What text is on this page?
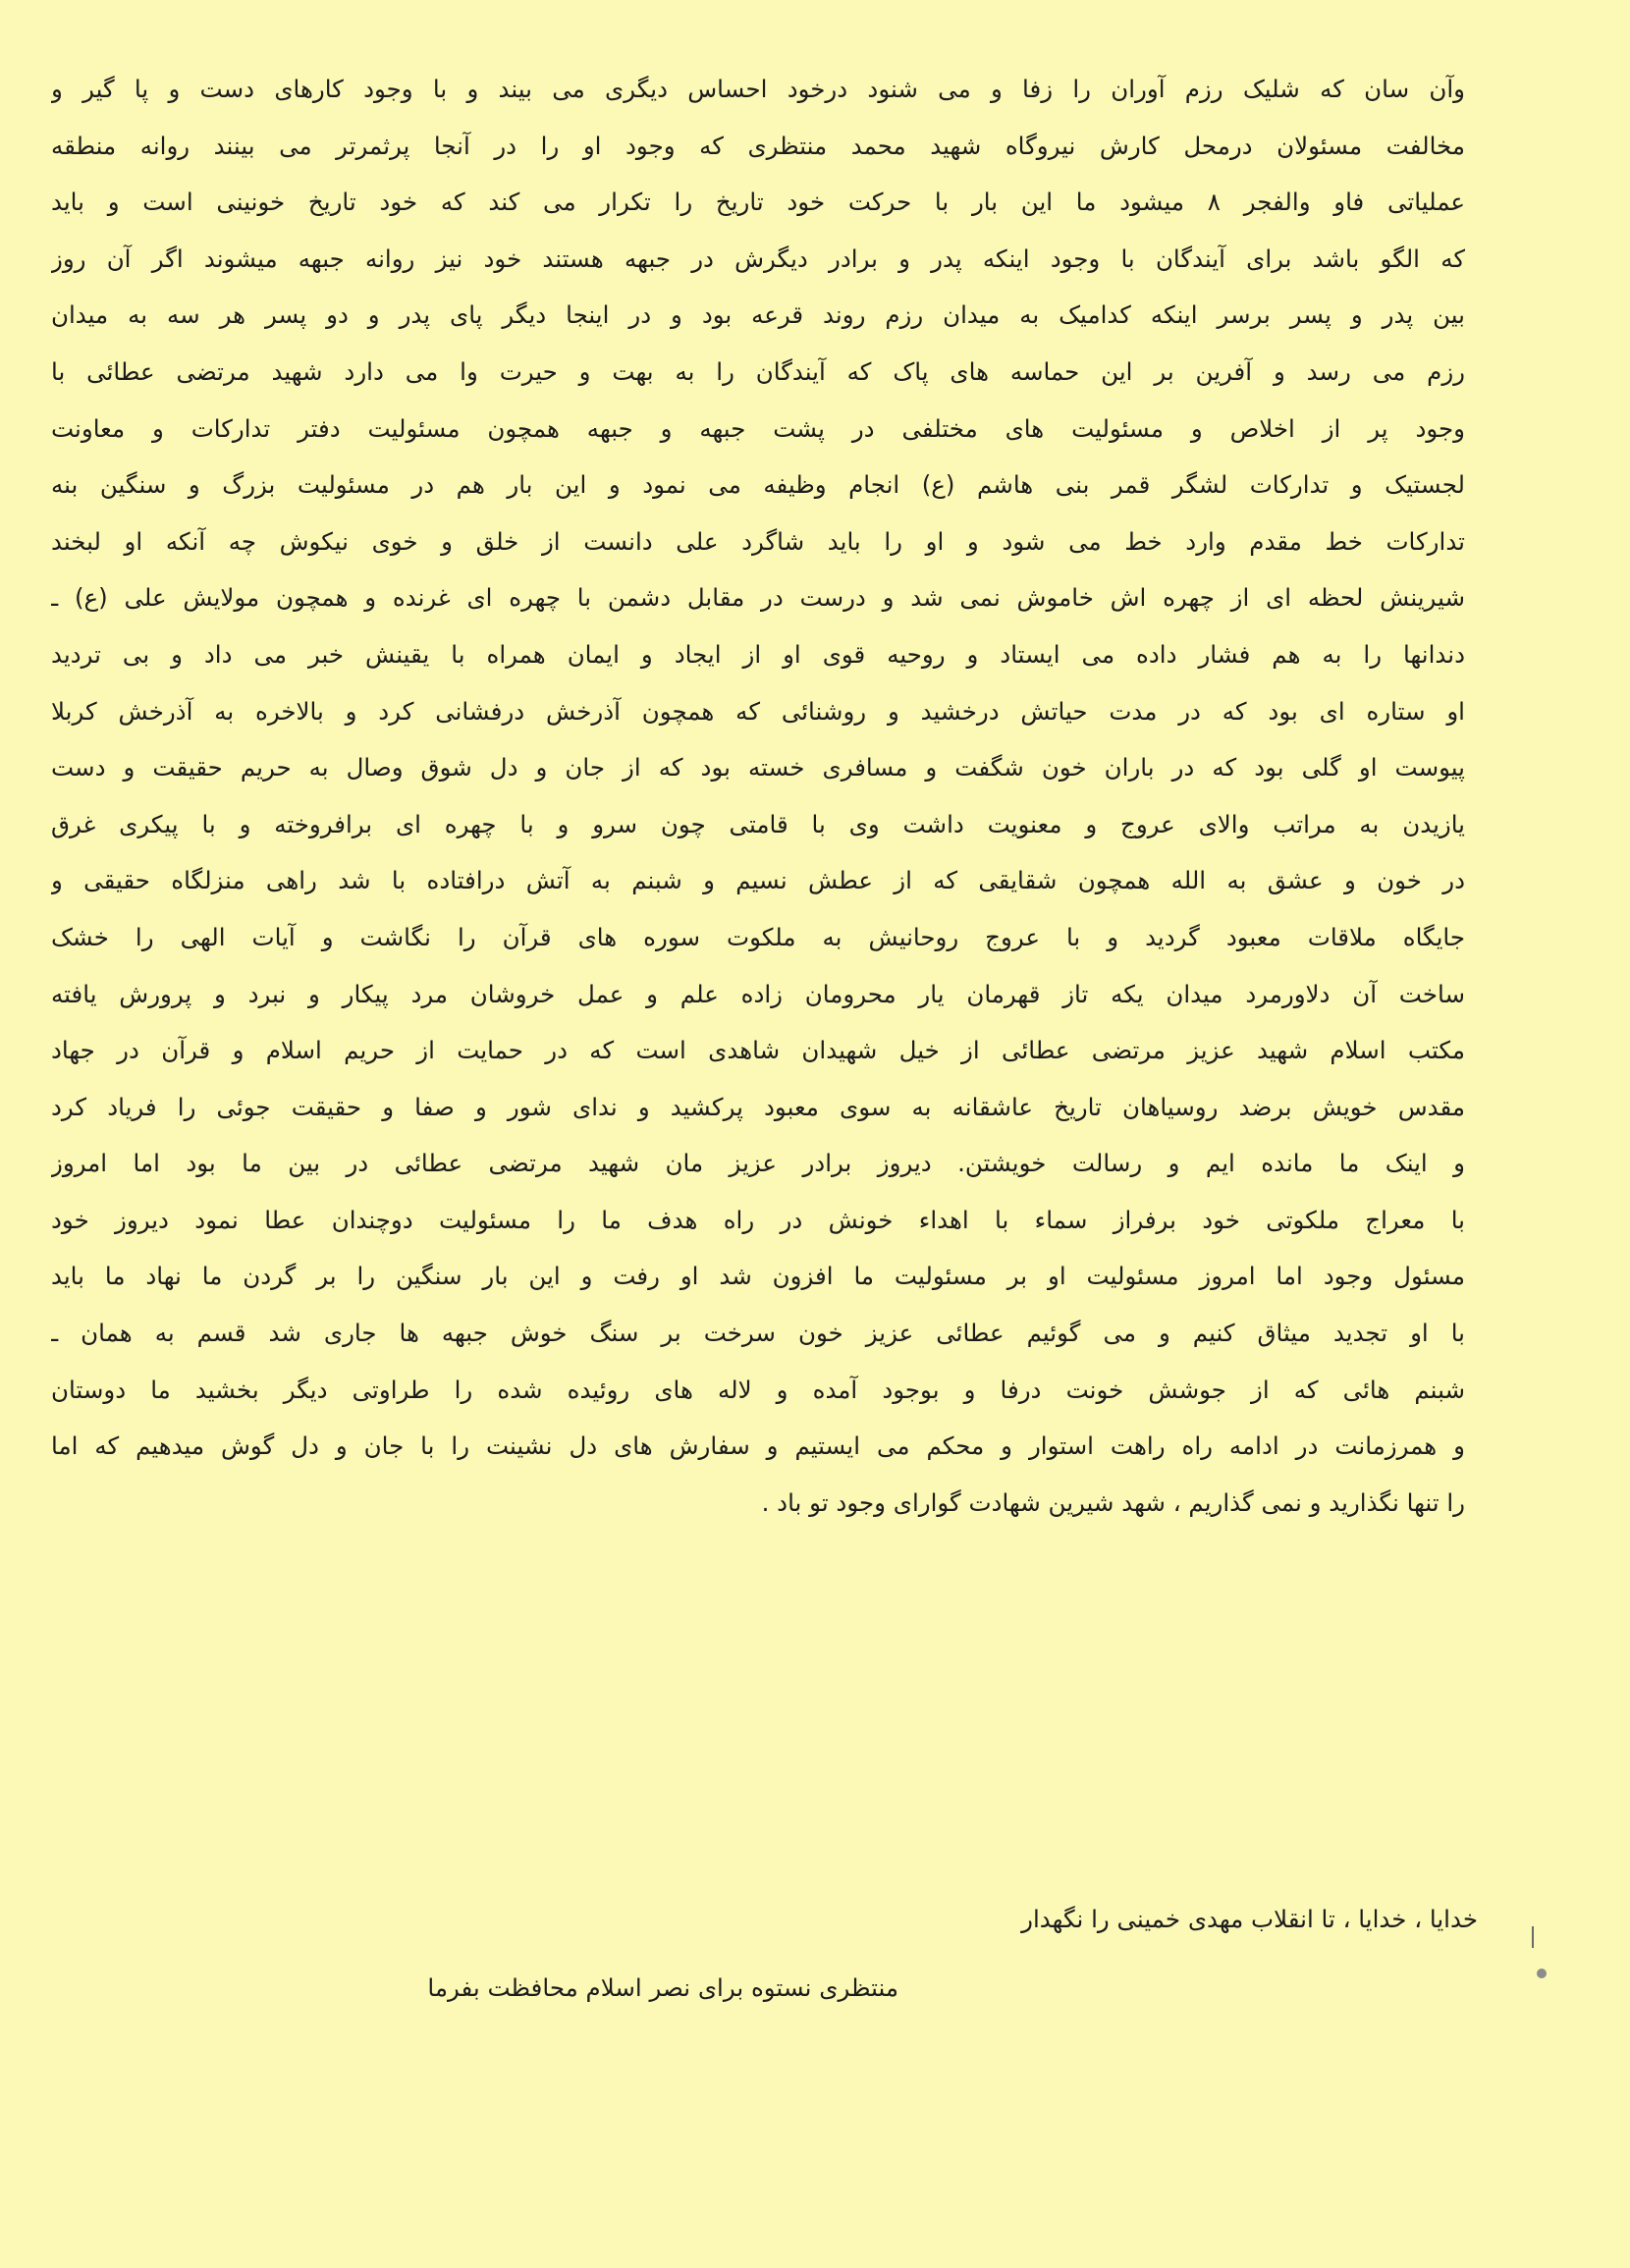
وآن سان که شلیک رزم آوران را زفا و می شنود درخود احساس دیگری می بیند و با وجود کارهای دست و پا گیر و
مخالفت مسئولان درمحل کارش نیروگاه شهید محمد منتظری که وجود او را در آنجا پرثمرتر می بینند روانه منطقه
عملیاتی فاو والفجر ۸ میشود ما این بار با حرکت خود تاریخ را تکرار می کند که خود تاریخ خونینی است و باید
که الگو باشد برای آیندگان با وجود اینکه پدر و برادر دیگرش در جبهه هستند خود نیز روانه جبهه میشوند اگر آن روز
بین پدر و پسر برسر اینکه کدامیک به میدان رزم روند قرعه بود و در اینجا دیگر پای پدر و دو پسر هر سه به میدان
رزم می رسد و آفرین بر این حماسه های پاک که آیندگان را به بهت و حیرت وا می دارد شهید مرتضی عطائی با
وجود پر از اخلاص و مسئولیت های مختلفی در پشت جبهه و جبهه همچون مسئولیت دفتر تدارکات و معاونت
لجستیک و تدارکات لشگر قمر بنی هاشم (ع) انجام وظیفه می نمود و این بار هم در مسئولیت بزرگ و سنگین بنه
تدارکات خط مقدم وارد خط می شود و او را باید شاگرد علی دانست از خلق و خوی نیکوش چه آنکه او لبخند
شیرینش لحظه ای از چهره اش خاموش نمی شد و درست در مقابل دشمن با چهره ای غرنده و همچون مولایش علی (ع) ـ
دندانها را به هم فشار داده می ایستاد و روحیه قوی او از ایجاد و ایمان همراه با یقینش خبر می داد و بی تردید
او ستاره ای بود که در مدت حیاتش درخشید و روشنائی که همچون آذرخش درفشانی کرد و بالاخره به آذرخش کربلا
پیوست او گلی بود که در باران خون شگفت و مسافری خسته بود که از جان و دل شوق وصال به حریم حقیقت و دست
یازیدن به مراتب والای عروج و معنویت داشت وی با قامتی چون سرو و با چهره ای برافروخته و با پیکری غرق
در خون و عشق به الله همچون شقایقی که از عطش نسیم و شبنم به آتش درافتاده با شد راهی منزلگاه حقیقی و
جایگاه ملاقات معبود گردید و با عروج روحانیش به ملکوت سوره های قرآن را نگاشت و آیات الهی را خشک
ساخت آن دلاورمرد میدان یکه تاز قهرمان یار محرومان زاده علم و عمل خروشان مرد پیکار و نبرد و پرورش یافته
مکتب اسلام شهید عزیز مرتضی عطائی از خیل شهیدان شاهدی است که در حمایت از حریم اسلام و قرآن در جهاد
مقدس خویش برضد روسیاهان تاریخ عاشقانه به سوی معبود پرکشید و ندای شور و صفا و حقیقت جوئی را فریاد کرد
و اینک ما مانده ایم و رسالت خویشتن. دیروز برادر عزیز مان شهید مرتضی عطائی در بین ما بود اما امروز
با معراج ملکوتی خود برفراز سماء با اهداء خونش در راه هدف ما را مسئولیت دوچندان عطا نمود دیروز خود
مسئول وجود اما امروز مسئولیت او بر مسئولیت ما افزون شد او رفت و این بار سنگین را بر گردن ما نهاد ما باید
با او تجدید میثاق کنیم و می گوئیم عطائی عزیز خون سرخت بر سنگ خوش جبهه ها جاری شد قسم به همان ـ
شبنم هائی که از جوشش خونت درفا و بوجود آمده و لاله های روئیده شده را طراوتی دیگر بخشید ما دوستان
و همرزمانت در ادامه راه راهت استوار و محکم می ایستیم و سفارش های دل نشینت را با جان و دل گوش میدهیم که اما
را تنها نگذارید و نمی گذاریم ، شهد شیرین شهادت گوارای وجود تو باد .
خدایا ، خدایا ، تا انقلاب مهدی خمینی را نگهدار
منتظری نستوه برای نصر اسلام محافظت بفرما
